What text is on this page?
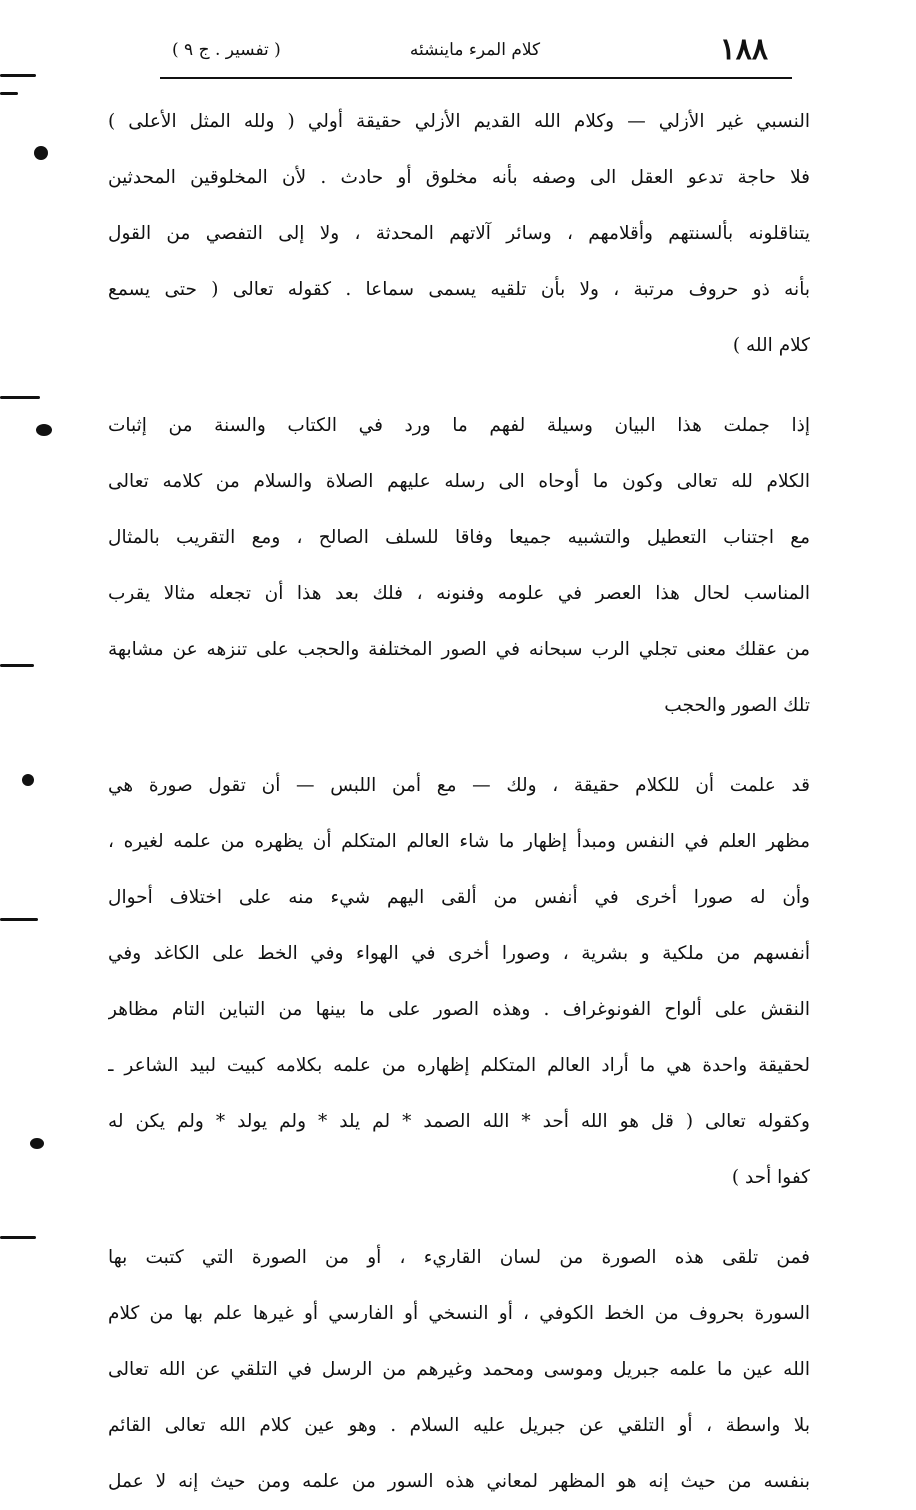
١٨٨
كلام المرء ماينشئه
( تفسير . ج ٩ )
النسبي غير الأزلي — وكلام الله القديم الأزلي حقيقة أولي ( ولله المثل الأعلى )
فلا حاجة تدعو العقل الى وصفه بأنه مخلوق أو حادث . لأن المخلوقين المحدثين
يتناقلونه بألسنتهم وأقلامهم ، وسائر آلاتهم المحدثة ، ولا إلى التفصي من القول
بأنه ذو حروف مرتبة ، ولا بأن تلقيه يسمى سماعا . كقوله تعالى ( حتى يسمع
كلام الله )
إذا جملت هذا البيان وسيلة لفهم ما ورد في الكتاب والسنة من إثبات
الكلام لله تعالى وكون ما أوحاه الى رسله عليهم الصلاة والسلام من كلامه تعالى
مع اجتناب التعطيل والتشبيه جميعا وفاقا للسلف الصالح ، ومع التقريب بالمثال
المناسب لحال هذا العصر في علومه وفنونه ، فلك بعد هذا أن تجعله مثالا يقرب
من عقلك معنى تجلي الرب سبحانه في الصور المختلفة والحجب على تنزهه عن مشابهة
تلك الصور والحجب
قد علمت أن للكلام حقيقة ، ولك — مع أمن اللبس — أن تقول صورة هي
مظهر العلم في النفس ومبدأ إظهار ما شاء العالم المتكلم أن يظهره من علمه لغيره ،
وأن له صورا أخرى في أنفس من ألقى اليهم شيء منه على اختلاف أحوال
أنفسهم من ملكية و بشرية ، وصورا أخرى في الهواء وفي الخط على الكاغد وفي
النقش على ألواح الفونوغراف . وهذه الصور على ما بينها من التباين التام مظاهر
لحقيقة واحدة هي ما أراد العالم المتكلم إظهاره من علمه بكلامه كبيت لبيد الشاعر ـ
وكقوله تعالى ( قل هو الله أحد * الله الصمد * لم يلد * ولم يولد * ولم يكن له
كفوا أحد )
فمن تلقى هذه الصورة من لسان القاريء ، أو من الصورة التي كتبت بها
السورة بحروف من الخط الكوفي ، أو النسخي أو الفارسي أو غيرها علم بها من كلام
الله عين ما علمه جبريل وموسى ومحمد وغيرهم من الرسل في التلقي عن الله تعالى
بلا واسطة ، أو التلقي عن جبريل عليه السلام . وهو عين كلام الله تعالى القائم
بنفسه من حيث إنه هو المظهر لمعاني هذه السور من علمه ومن حيث إنه لا عمل
